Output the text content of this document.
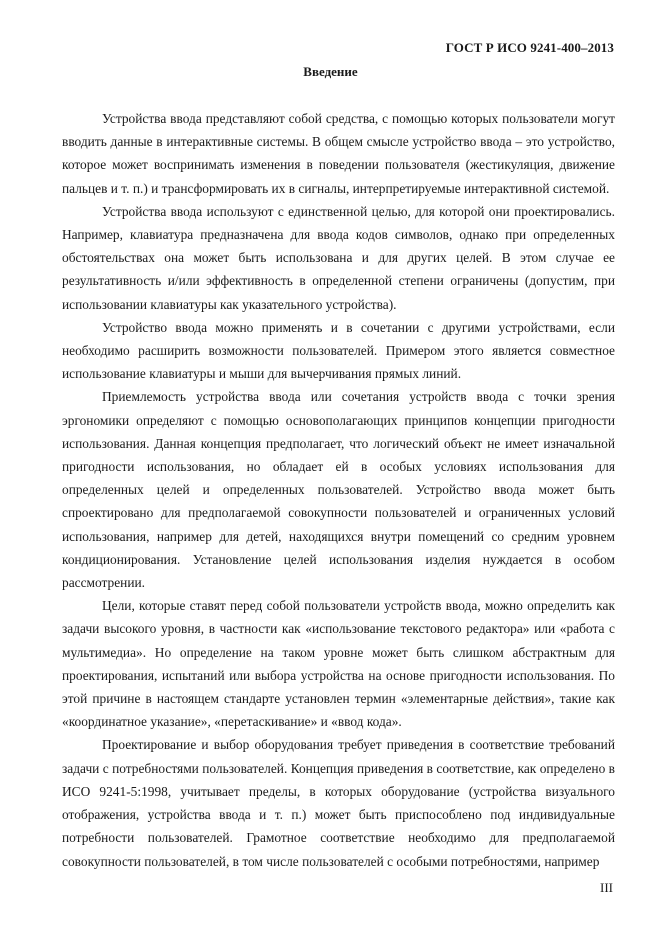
ГОСТ Р ИСО 9241-400–2013
Введение

Устройства ввода представляют собой средства, с помощью которых пользователи могут вводить данные в интерактивные системы. В общем смысле устройство ввода – это устройство, которое может воспринимать изменения в поведении пользователя (жестикуляция, движение пальцев и т. п.) и трансформировать их в сигналы, интерпретируемые интерактивной системой.

Устройства ввода используют с единственной целью, для которой они проектировались. Например, клавиатура предназначена для ввода кодов символов, однако при определенных обстоятельствах она может быть использована и для других целей. В этом случае ее результативность и/или эффективность в определенной степени ограничены (допустим, при использовании клавиатуры как указательного устройства).

Устройство ввода можно применять и в сочетании с другими устройствами, если необходимо расширить возможности пользователей. Примером этого является совместное использование клавиатуры и мыши для вычерчивания прямых линий.

Приемлемость устройства ввода или сочетания устройств ввода с точки зрения эргономики определяют с помощью основополагающих принципов концепции пригодности использования. Данная концепция предполагает, что логический объект не имеет изначальной пригодности использования, но обладает ей в особых условиях использования для определенных целей и определенных пользователей. Устройство ввода может быть спроектировано для предполагаемой совокупности пользователей и ограниченных условий использования, например для детей, находящихся внутри помещений со средним уровнем кондиционирования. Установление целей использования изделия нуждается в особом рассмотрении.

Цели, которые ставят перед собой пользователи устройств ввода, можно определить как задачи высокого уровня, в частности как «использование текстового редактора» или «работа с мультимедиа». Но определение на таком уровне может быть слишком абстрактным для проектирования, испытаний или выбора устройства на основе пригодности использования. По этой причине в настоящем стандарте установлен термин «элементарные действия», такие как «координатное указание», «перетаскивание» и «ввод кода».

Проектирование и выбор оборудования требует приведения в соответствие требований задачи с потребностями пользователей. Концепция приведения в соответствие, как определено в ИСО 9241-5:1998, учитывает пределы, в которых оборудование (устройства визуального отображения, устройства ввода и т. п.) может быть приспособлено под индивидуальные потребности пользователей. Грамотное соответствие необходимо для предполагаемой совокупности пользователей, в том числе пользователей с особыми потребностями, например

III
